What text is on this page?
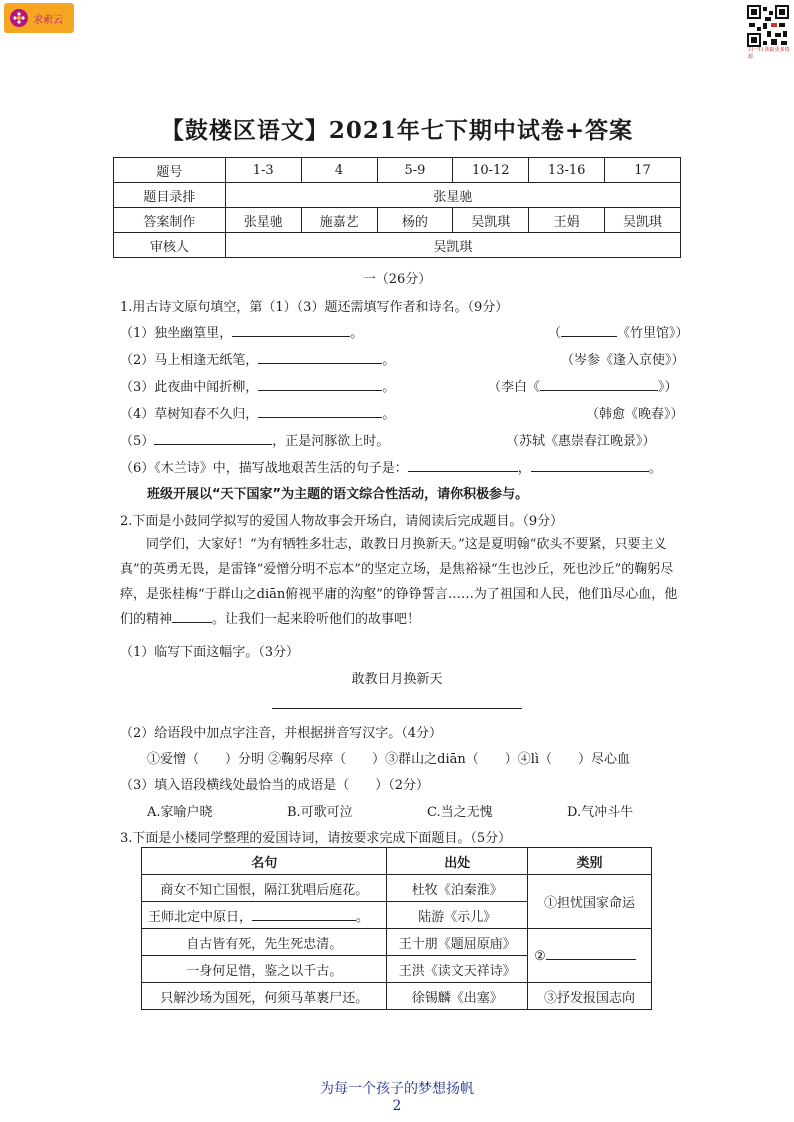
求索云
扫一扫 获取更多资源
【鼓楼区语文】2021年七下期中试卷+答案
题号	1-3	4	5-9	10-12	13-16	17
题目录排	张星驰					
答案制作	张星驰	施嘉艺	杨的	吴凯琪	王娟	吴凯琪
审核人	吴凯琪					
一（26分）
1.用古诗文原句填空，第（1）（3）题还需填写作者和诗名。（9分）
（1）独坐幽篁里，	。	（	《竹里馆》）
（2）马上相逢无纸笔，	。	（岑参《逢入京使》）
（3）此夜曲中闻折柳，	。	（李白《	》）
（4）草树知春不久归，	。	（韩愈《晚春》）
（5）	，正是河豚欲上时。	（苏轼《惠崇春江晚景》）
（6）《木兰诗》中，描写战地艰苦生活的句子是：	，	。
班级开展以“天下国家”为主题的语文综合性活动，请你积极参与。
2.下面是小鼓同学拟写的爱国人物故事会开场白，请阅读后完成题目。（9分）
同学们，大家好！“为有牺牲多壮志，敢教日月换新天。”这是夏明翰“砍头不要紧，只要主义真”的英勇无畏，是雷锋“爱憎分明不忘本”的坚定立场，是焦裕禄“生也沙丘，死也沙丘”的鞠躬尽瘁，是张桂梅“于群山之diān俯视平庸的沟壑”的铮铮誓言……为了祖国和人民，他们lì尽心血，他们的精神	。让我们一起来聆听他们的故事吧！
（1）临写下面这幅字。（3分）
敢教日月换新天
（2）给语段中加点字注音，并根据拼音写汉字。（4分）
①爱憎（　　）分明 ②鞠躬尽瘁（　　）③群山之diān（　　）④lì（　　）尽心血
（3）填入语段横线处最恰当的成语是（　　）（2分）
A.家喻户晓	B.可歌可泣	C.当之无愧	D.气冲斗牛
3.下面是小楼同学整理的爱国诗词，请按要求完成下面题目。（5分）
名句	出处	类别
商女不知亡国恨，隔江犹唱后庭花。	杜牧《泊秦淮》	①担忧国家命运
王师北定中原日， 。	陆游《示儿》	
自古皆有死，先生死忠清。	王十朋《题屈原庙》	②
一身何足惜，鉴之以千古。	王洪《读文天祥诗》	
只解沙场为国死，何须马革裹尸还。	徐锡麟《出塞》	③抒发报国志向
为每一个孩子的梦想扬帆
2
